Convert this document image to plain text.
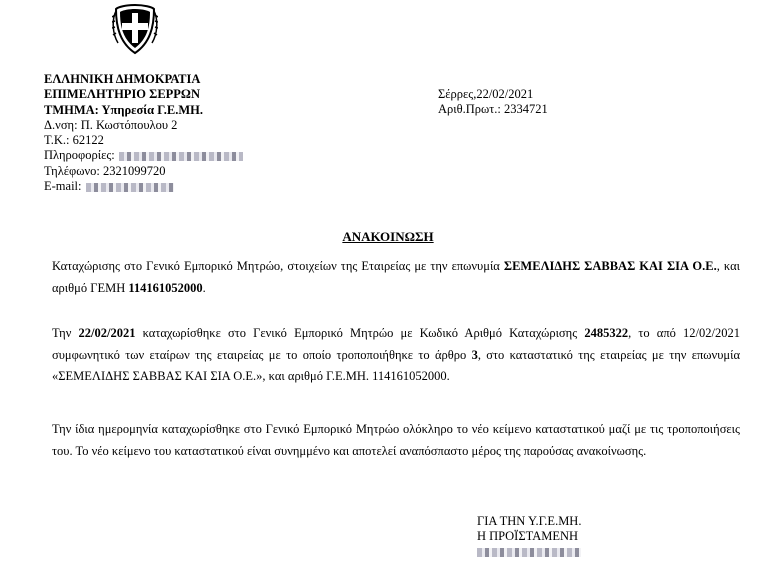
ΕΛΛΗΝΙΚΗ ΔΗΜΟΚΡΑΤΙΑ
ΕΠΙΜΕΛΗΤΗΡΙΟ ΣΕΡΡΩΝ
ΤΜΗΜΑ: Υπηρεσία Γ.Ε.ΜΗ.
Δ.νση: Π. Κωστόπουλου 2
Τ.Κ.: 62122
Πληροφορίες:
Τηλέφωνο: 2321099720
E-mail:
Σέρρες,22/02/2021
Αριθ.Πρωτ.: 2334721
ΑΝΑΚΟΙΝΩΣΗ
Καταχώρισης στο Γενικό Εμπορικό Μητρώο, στοιχείων της Εταιρείας με την επωνυμία ΣΕΜΕΛΙΔΗΣ ΣΑΒΒΑΣ ΚΑΙ ΣΙΑ Ο.Ε., και αριθμό ΓΕΜΗ 114161052000.
Την 22/02/2021 καταχωρίσθηκε στο Γενικό Εμπορικό Μητρώο με Κωδικό Αριθμό Καταχώρισης 2485322, το από 12/02/2021 συμφωνητικό των εταίρων της εταιρείας με το οποίο τροποποιήθηκε το άρθρο 3, στο καταστατικό της εταιρείας με την επωνυμία «ΣΕΜΕΛΙΔΗΣ ΣΑΒΒΑΣ ΚΑΙ ΣΙΑ Ο.Ε.», και αριθμό Γ.Ε.ΜΗ. 114161052000.
Την ίδια ημερομηνία καταχωρίσθηκε στο Γενικό Εμπορικό Μητρώο ολόκληρο το νέο κείμενο καταστατικού μαζί με τις τροποποιήσεις του. Το νέο κείμενο του καταστατικού είναι συνημμένο και αποτελεί αναπόσπαστο μέρος της παρούσας ανακοίνωσης.
ΓΙΑ ΤΗΝ Υ.Γ.Ε.ΜΗ.
Η ΠΡΟΪΣΤΑΜΕΝΗ
